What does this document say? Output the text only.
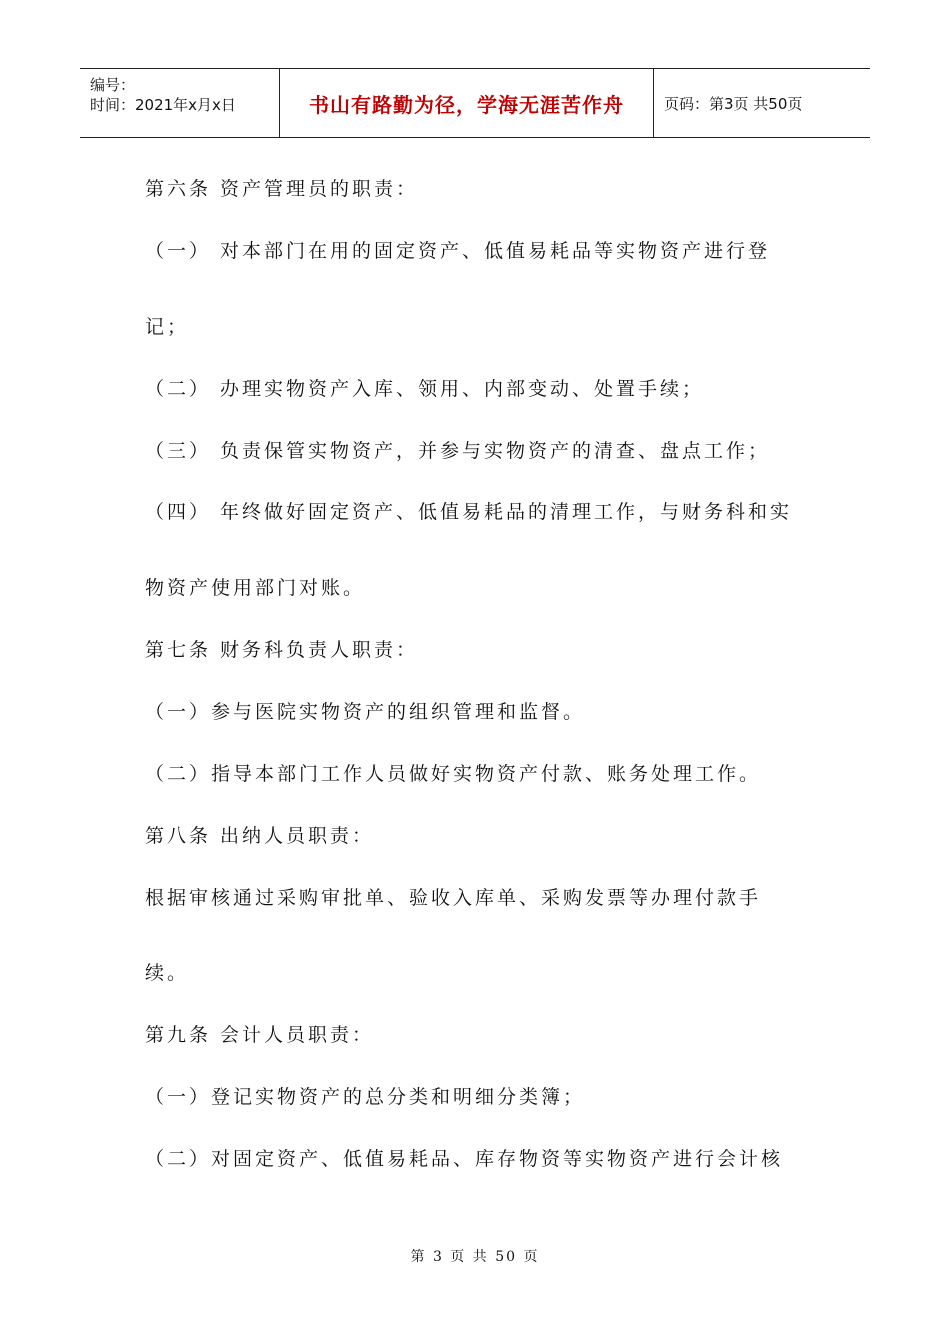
编号：
时间：2021年x月x日	书山有路勤为径，学海无涯苦作舟	页码：第3页 共50页
第六条 资产管理员的职责：
（一） 对本部门在用的固定资产、低值易耗品等实物资产进行登
记；
（二） 办理实物资产入库、领用、内部变动、处置手续；
（三） 负责保管实物资产，并参与实物资产的清查、盘点工作；
（四） 年终做好固定资产、低值易耗品的清理工作，与财务科和实
物资产使用部门对账。
第七条 财务科负责人职责：
（一）参与医院实物资产的组织管理和监督。
（二）指导本部门工作人员做好实物资产付款、账务处理工作。
第八条 出纳人员职责：
根据审核通过采购审批单、验收入库单、采购发票等办理付款手
续。
第九条 会计人员职责：
（一）登记实物资产的总分类和明细分类簿；
（二）对固定资产、低值易耗品、库存物资等实物资产进行会计核
第 3 页 共 50 页
